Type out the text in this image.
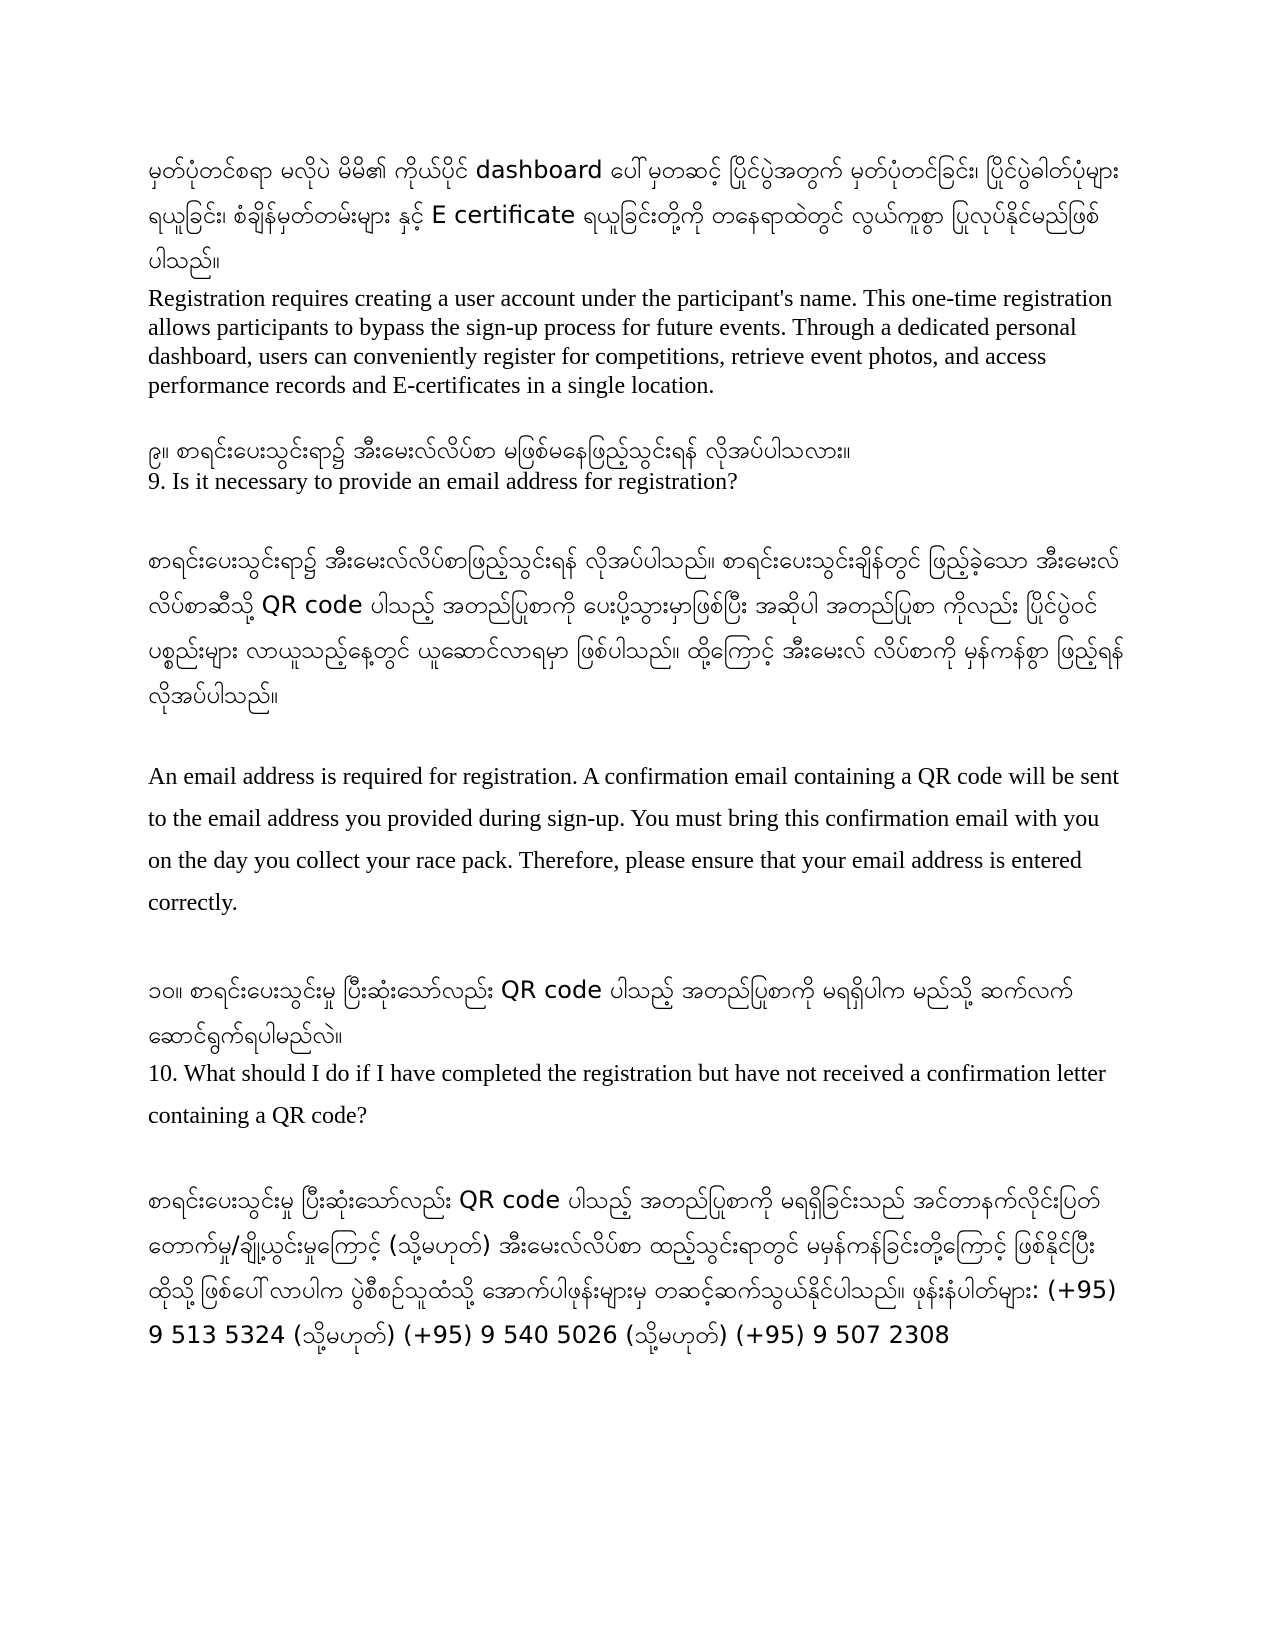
မှတ်ပုံတင်စရာ မလိုပဲ မိမိ၏ ကိုယ်ပိုင် dashboard ပေါ်မှတဆင့် ပြိုင်ပွဲအတွက် မှတ်ပုံတင်ခြင်း၊ ပြိုင်ပွဲဓါတ်ပုံများရယူခြင်း၊ စံချိန်မှတ်တမ်းများ နှင့် E certificate ရယူခြင်းတို့ကို တနေရာထဲတွင် လွယ်ကူစွာ ပြုလုပ်နိုင်မည်ဖြစ်ပါသည်။

Registration requires creating a user account under the participant's name. This one-time registration allows participants to bypass the sign-up process for future events. Through a dedicated personal dashboard, users can conveniently register for competitions, retrieve event photos, and access performance records and E-certificates in a single location.

၉။ စာရင်းပေးသွင်းရာ၌ အီးမေးလ်လိပ်စာ မဖြစ်မနေဖြည့်သွင်းရန် လိုအပ်ပါသလား။

9. Is it necessary to provide an email address for registration?

စာရင်းပေးသွင်းရာ၌ အီးမေးလ်လိပ်စာဖြည့်သွင်းရန် လိုအပ်ပါသည်။ စာရင်းပေးသွင်းချိန်တွင် ဖြည့်ခဲ့သော အီးမေးလ်လိပ်စာဆီသို့ QR code ပါသည့် အတည်ပြုစာကို ပေးပို့သွားမှာဖြစ်ပြီး အဆိုပါ အတည်ပြုစာ ကိုလည်း ပြိုင်ပွဲဝင်ပစ္စည်းများ လာယူသည့်နေ့တွင် ယူဆောင်လာရမှာ ဖြစ်ပါသည်။ ထို့ကြောင့် အီးမေးလ် လိပ်စာကို မှန်ကန်စွာ ဖြည့်ရန် လိုအပ်ပါသည်။

An email address is required for registration. A confirmation email containing a QR code will be sent to the email address you provided during sign-up. You must bring this confirmation email with you on the day you collect your race pack. Therefore, please ensure that your email address is entered correctly.

၁၀။ စာရင်းပေးသွင်းမှု ပြီးဆုံးသော်လည်း QR code ပါသည့် အတည်ပြုစာကို မရရှိပါက မည်သို့ ဆက်လက် ဆောင်ရွက်ရပါမည်လဲ။

10. What should I do if I have completed the registration but have not received a confirmation letter containing a QR code?

စာရင်းပေးသွင်းမှု ပြီးဆုံးသော်လည်း QR code ပါသည့် အတည်ပြုစာကို မရရှိခြင်းသည် အင်တာနက်လိုင်းပြတ်တောက်မှု/ချို့ယွင်းမှုကြောင့် (သို့မဟုတ်) အီးမေးလ်လိပ်စာ ထည့်သွင်းရာတွင် မမှန်ကန်ခြင်းတို့ကြောင့် ဖြစ်နိုင်ပြီး ထိုသို့ဖြစ်ပေါ်လာပါက ပွဲစီစဉ်သူထံသို့ အောက်ပါဖုန်းများမှ တဆင့်ဆက်သွယ်နိုင်ပါသည်။ ဖုန်းနံပါတ်များ: (+95) 9 513 5324 (သို့မဟုတ်) (+95) 9 540 5026 (သို့မဟုတ်) (+95) 9 507 2308
